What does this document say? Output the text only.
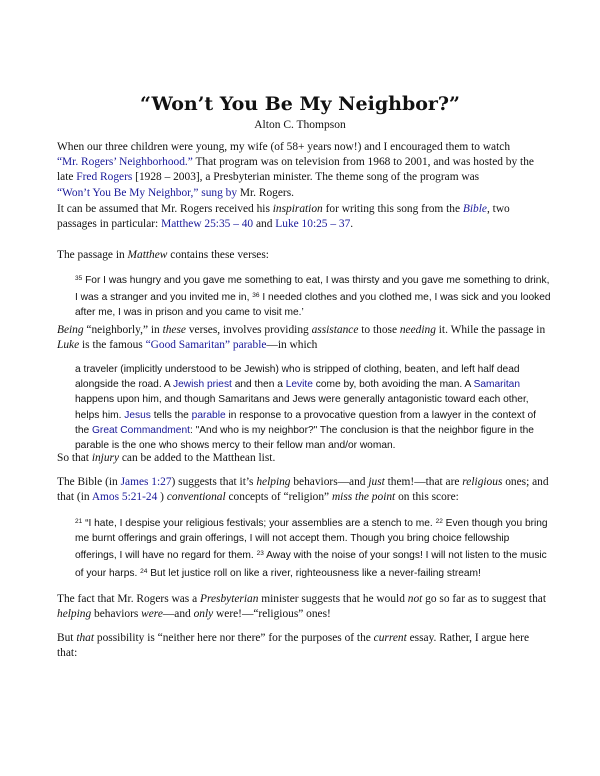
“Won’t You Be My Neighbor?”
Alton C. Thompson
When our three children were young, my wife (of 58+ years now!) and I encouraged them to watch
“Mr. Rogers’ Neighborhood.” That program was on television from 1968 to 2001, and was hosted by the late Fred Rogers [1928 – 2003], a Presbyterian minister. The theme song of the program was
“Won’t You Be My Neighbor,” sung by Mr. Rogers.
It can be assumed that Mr. Rogers received his inspiration for writing this song from the Bible, two passages in particular: Matthew 25:35 – 40 and Luke 10:25 – 37.
The passage in Matthew contains these verses:
$^{35}$ For I was hungry and you gave me something to eat, I was thirsty and you gave me something to drink, I was a stranger and you invited me in, $^{36}$ I needed clothes and you clothed me, I was sick and you looked after me, I was in prison and you came to visit me.’
Being “neighborly,” in these verses, involves providing assistance to those needing it. While the passage in Luke is the famous “Good Samaritan” parable—in which
a traveler (implicitly understood to be Jewish) who is stripped of clothing, beaten, and left half dead alongside the road. A Jewish priest and then a Levite come by, both avoiding the man. A Samaritan happens upon him, and though Samaritans and Jews were generally antagonistic toward each other, helps him. Jesus tells the parable in response to a provocative question from a lawyer in the context of the Great Commandment: "And who is my neighbor?" The conclusion is that the neighbor figure in the parable is the one who shows mercy to their fellow man and/or woman.
So that injury can be added to the Matthean list.
The Bible (in James 1:27) suggests that it’s helping behaviors—and just them!—that are religious ones; and that (in Amos 5:21-24 ) conventional concepts of “religion” miss the point on this score:
$^{21}$ “I hate, I despise your religious festivals; your assemblies are a stench to me. $^{22}$ Even though you bring me burnt offerings and grain offerings, I will not accept them. Though you bring choice fellowship offerings, I will have no regard for them. $^{23}$ Away with the noise of your songs! I will not listen to the music of your harps. $^{24}$ But let justice roll on like a river, righteousness like a never-failing stream!
The fact that Mr. Rogers was a Presbyterian minister suggests that he would not go so far as to suggest that helping behaviors were—and only were!—“religious” ones!
But that possibility is “neither here nor there” for the purposes of the current essay. Rather, I argue here that:
